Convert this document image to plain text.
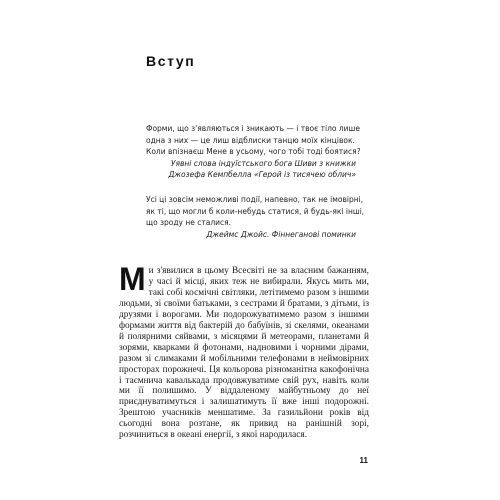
Вступ

Форми, що з'являються і зникають — і твоє тіло лише одна з них — це лиш відблиски танцю моїх кінцівок. Коли впізнаєш Мене в усьому, чого тобі тоді боятися?

Уявні слова індуїстського бога Шиви з книжки

Джозефа Кемпбелла «Герой із тисячею облич»

Усі ці зовсім неможливі події, напевно, так не імовірні, як ті, що могли б коли-небудь статися, й будь-які інші, що зроду не сталися.

Джеймс Джойс. Фіннеганові поминки

Ми з'явилися в цьому Всесвіті не за власним бажанням, у часі й місці, яких теж не вибирали. Якусь мить ми, такі собі космічні світляки, летітимемо разом з іншими людьми, зі своїми батьками, з сестрами й братами, з дітьми, із друзями і ворогами. Ми подорожуватимемо разом з іншими формами життя від бактерій до бабуїнів, зі скелями, океанами й полярними сяйвами, з місяцями й метеорами, планетами й зорями, кварками й фотонами, надновими і чорними дірами, разом зі слимаками й мобільними телефонами в неймовірних просторах порожнечі. Ця кольорова різноманітна какофонічна і таємнича кавалькада продовжуватиме свій рух, навіть коли ми її полишимо. У віддаленому майбутньому до неї приєднуватимуться і залишатимуть її вже інші подорожні. Зрештою учасників меншатиме. За газильйони років від сьогодні вона розтане, як привид на ранішній зорі, розчиниться в океані енергії, з якої народилася.

11
